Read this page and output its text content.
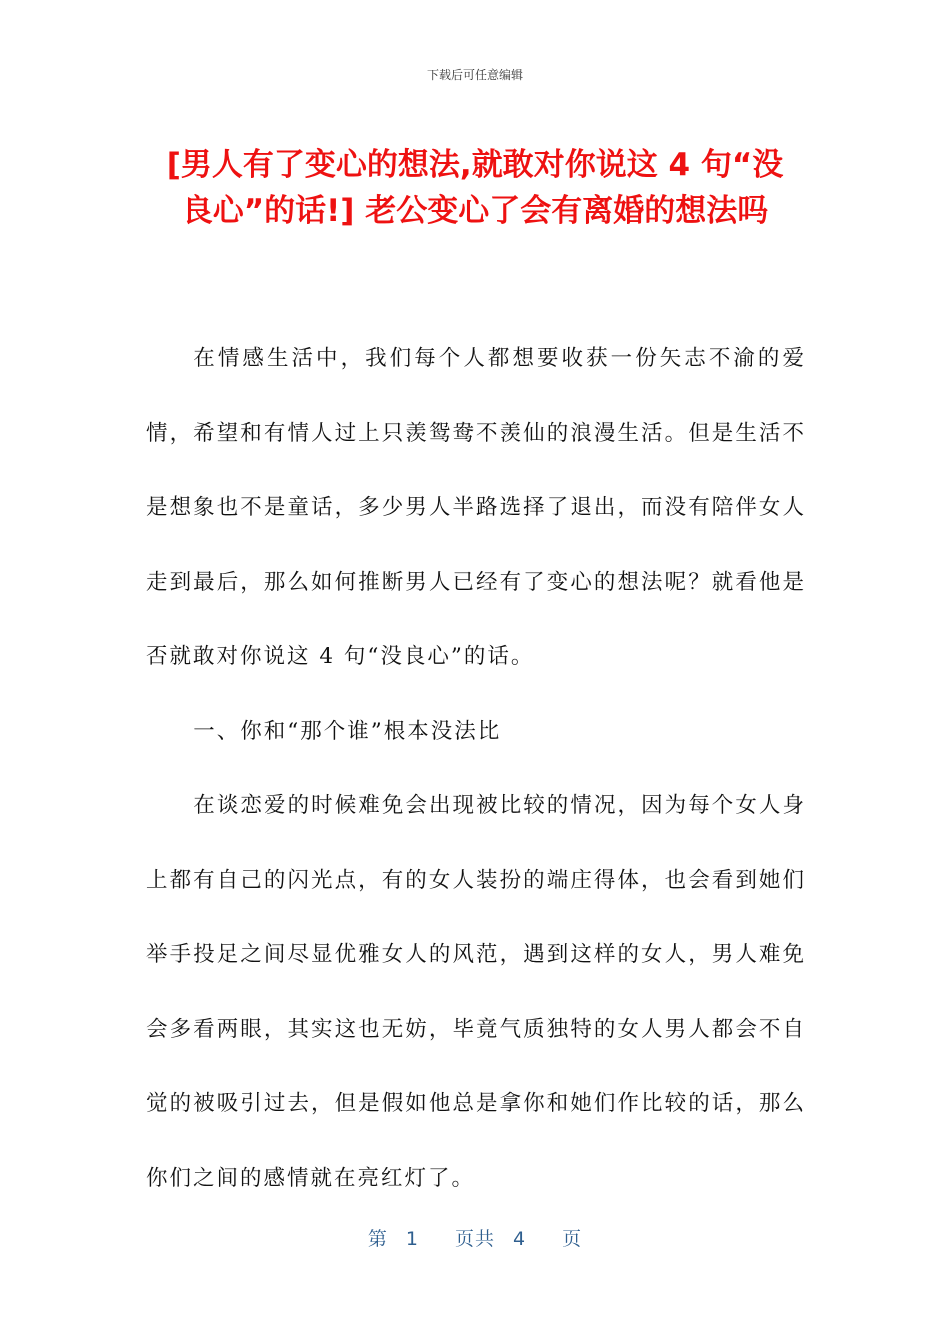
下载后可任意编辑
[男人有了变心的想法,就敢对你说这 4 句“没
良心”的话!] 老公变心了会有离婚的想法吗

在情感生活中，我们每个人都想要收获一份矢志不渝的爱情，希望和有情人过上只羡鸳鸯不羡仙的浪漫生活。但是生活不是想象也不是童话，多少男人半路选择了退出，而没有陪伴女人走到最后，那么如何推断男人已经有了变心的想法呢？就看他是否就敢对你说这 4 句“没良心”的话。

一、你和“那个谁”根本没法比

在谈恋爱的时候难免会出现被比较的情况，因为每个女人身上都有自己的闪光点，有的女人装扮的端庄得体，也会看到她们举手投足之间尽显优雅女人的风范，遇到这样的女人，男人难免会多看两眼，其实这也无妨，毕竟气质独特的女人男人都会不自觉的被吸引过去，但是假如他总是拿你和她们作比较的话，那么你们之间的感情就在亮红灯了。

第 1 页共 4 页
